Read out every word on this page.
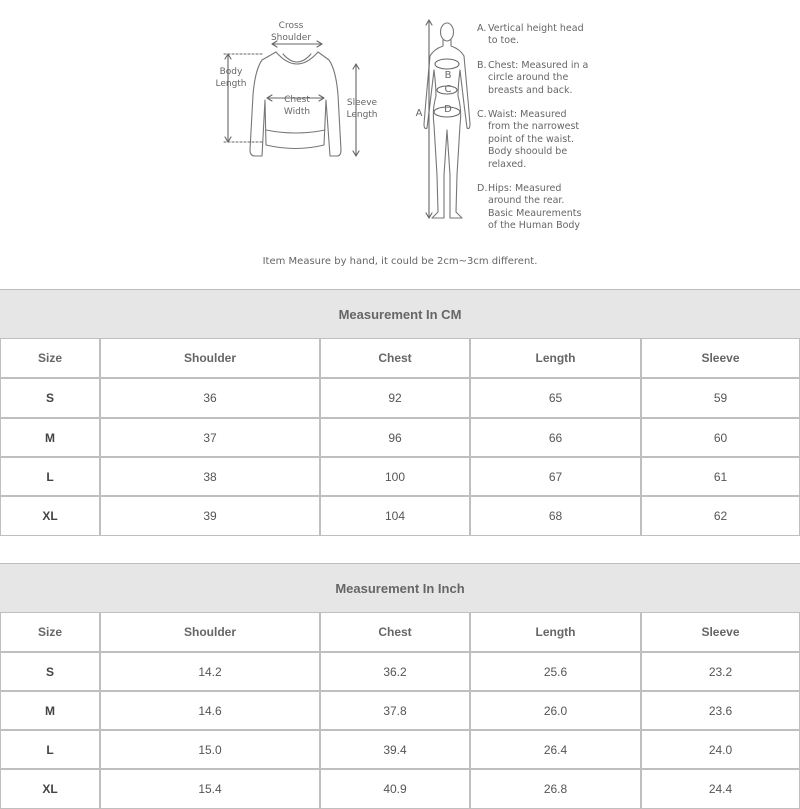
Cross Shoulder
Body
Length
Chest
Width
Sleeve
Length	A
B
C
D
A. Vertical height head
to toe.
B. Chest: Measured in a
circle around the
breasts and back.
C. Waist: Measured
from the narrowest
point of the waist.
Body shoould be
relaxed.
D. Hips: Measured
around the rear.
Basic Meaurements
of the Human Body
Item Measure by hand, it could be 2cm~3cm different.
Measurement In CM
Size	Shoulder	Chest	Length	Sleeve
S	36	92	65	59
M	37	96	66	60
L	38	100	67	61
XL	39	104	68	62
Measurement In Inch
Size	Shoulder	Chest	Length	Sleeve
S	14.2	36.2	25.6	23.2
M	14.6	37.8	26.0	23.6
L	15.0	39.4	26.4	24.0
XL	15.4	40.9	26.8	24.4
